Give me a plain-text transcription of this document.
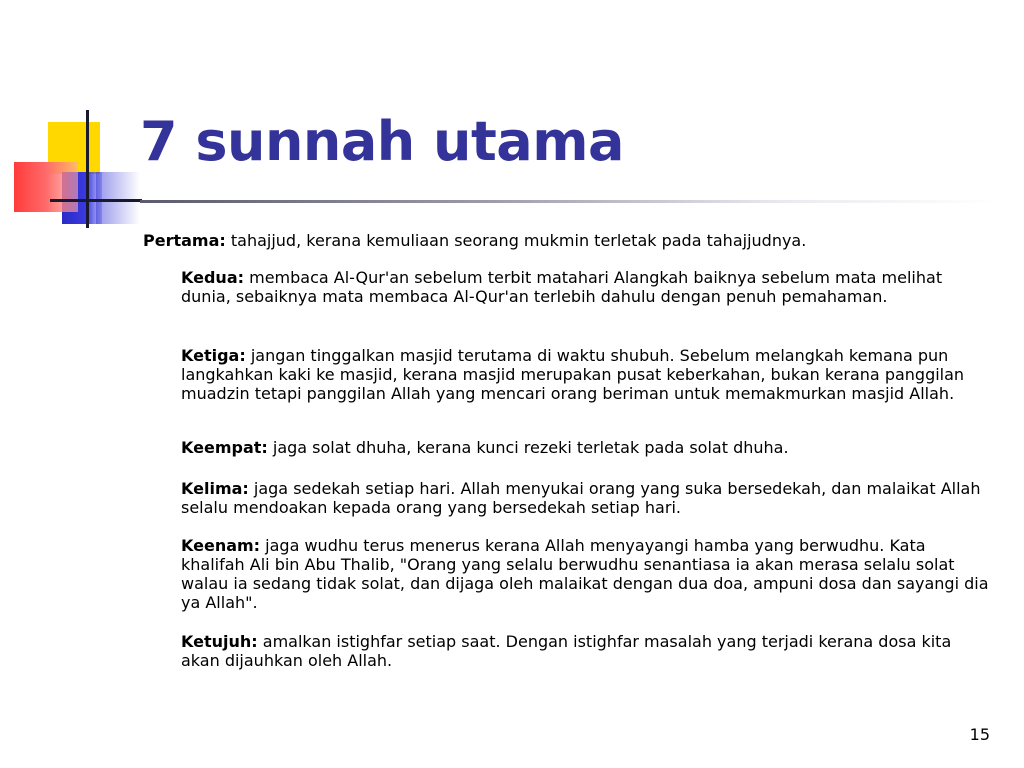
7 sunnah utama

Pertama: tahajjud, kerana kemuliaan seorang mukmin terletak pada tahajjudnya.

Kedua: membaca Al-Qur'an sebelum terbit matahari Alangkah baiknya sebelum mata melihat dunia, sebaiknya mata membaca Al-Qur'an terlebih dahulu dengan penuh pemahaman.

Ketiga: jangan tinggalkan masjid terutama di waktu shubuh. Sebelum melangkah kemana pun langkahkan kaki ke masjid, kerana masjid merupakan pusat keberkahan, bukan kerana panggilan muadzin tetapi panggilan Allah yang mencari orang beriman untuk memakmurkan masjid Allah.

Keempat: jaga solat dhuha, kerana kunci rezeki terletak pada solat dhuha.

Kelima: jaga sedekah setiap hari. Allah menyukai orang yang suka bersedekah, dan malaikat Allah selalu mendoakan kepada orang yang bersedekah setiap hari.

Keenam: jaga wudhu terus menerus kerana Allah menyayangi hamba yang berwudhu. Kata khalifah Ali bin Abu Thalib, "Orang yang selalu berwudhu senantiasa ia akan merasa selalu solat walau ia sedang tidak solat, dan dijaga oleh malaikat dengan dua doa, ampuni dosa dan sayangi dia ya Allah".

Ketujuh: amalkan istighfar setiap saat. Dengan istighfar masalah yang terjadi kerana dosa kita akan dijauhkan oleh Allah.

15
